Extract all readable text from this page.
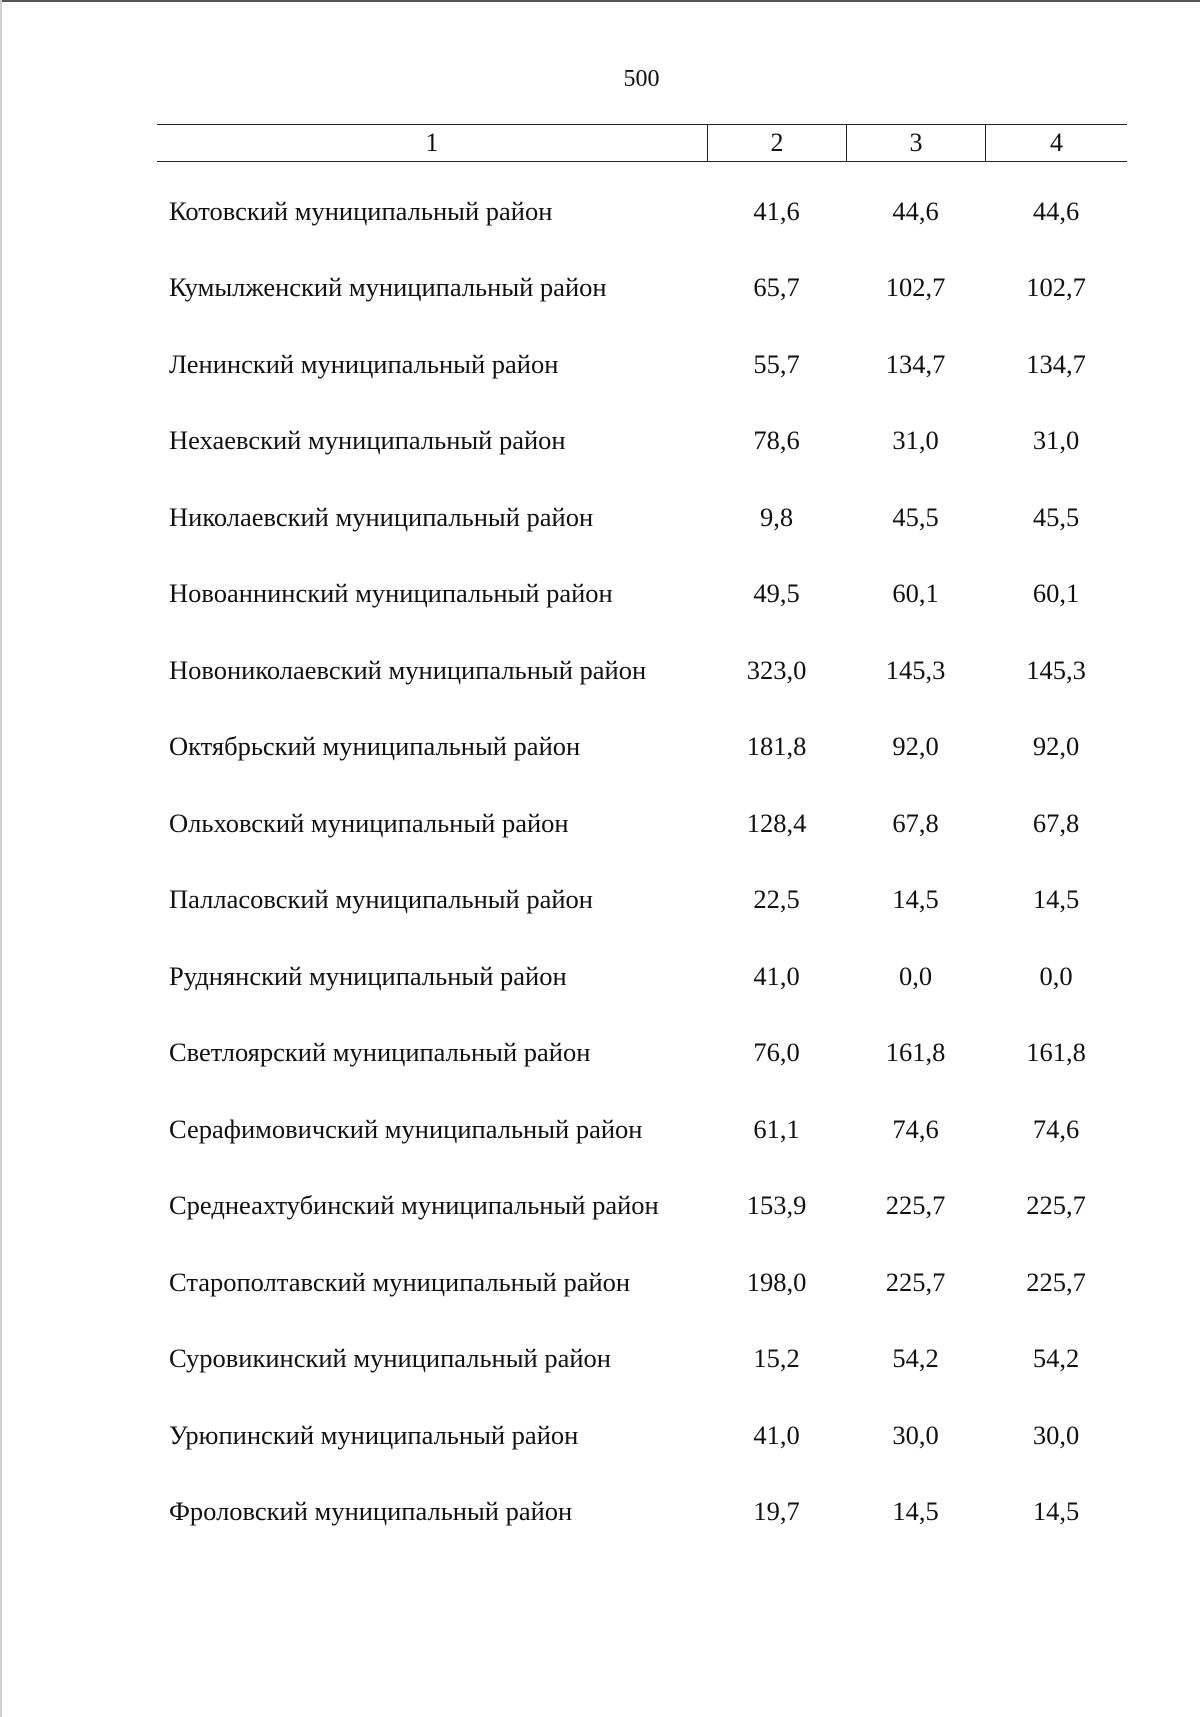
500
1	2	3	4
Котовский муниципальный район	41,6	44,6	44,6
Кумылженский муниципальный район	65,7	102,7	102,7
Ленинский муниципальный район	55,7	134,7	134,7
Нехаевский муниципальный район	78,6	31,0	31,0
Николаевский муниципальный район	9,8	45,5	45,5
Новоаннинский муниципальный район	49,5	60,1	60,1
Новониколаевский муниципальный район	323,0	145,3	145,3
Октябрьский муниципальный район	181,8	92,0	92,0
Ольховский муниципальный район	128,4	67,8	67,8
Палласовский муниципальный район	22,5	14,5	14,5
Руднянский муниципальный район	41,0	0,0	0,0
Светлоярский муниципальный район	76,0	161,8	161,8
Серафимовичский муниципальный район	61,1	74,6	74,6
Среднеахтубинский муниципальный район	153,9	225,7	225,7
Старополтавский муниципальный район	198,0	225,7	225,7
Суровикинский муниципальный район	15,2	54,2	54,2
Урюпинский муниципальный район	41,0	30,0	30,0
Фроловский муниципальный район	19,7	14,5	14,5
